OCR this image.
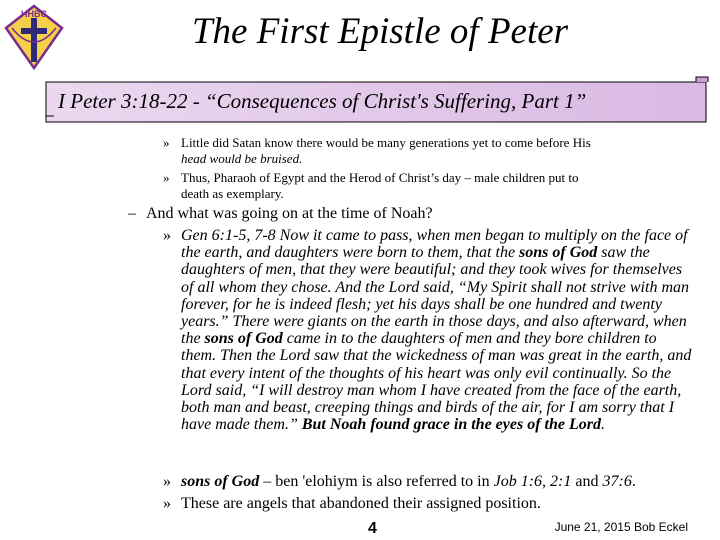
HHBC	The First Epistle of Peter
I Peter 3:18-22 - “Consequences of Christ's Suffering, Part 1”
» Little did Satan know there would be many generations yet to come before His
head would be bruised.
» Thus, Pharaoh of Egypt and the Herod of Christ’s day – male children put to
death as exemplary.
– And what was going on at the time of Noah?
» Gen 6:1-5, 7-8 Now it came to pass, when men began to multiply on the face of the earth, and daughters were born to them, that the sons of God saw the daughters of men, that they were beautiful; and they took wives for themselves of all whom they chose. And the Lord said, “My Spirit shall not strive with man forever, for he is indeed flesh; yet his days shall be one hundred and twenty years.” There were giants on the earth in those days, and also afterward, when the sons of God came in to the daughters of men and they bore children to them. Then the Lord saw that the wickedness of man was great in the earth, and that every intent of the thoughts of his heart was only evil continually. So the Lord said, “I will destroy man whom I have created from the face of the earth, both man and beast, creeping things and birds of the air, for I am sorry that I have made them.” But Noah found grace in the eyes of the Lord.
» sons of God – ben 'elohiym is also referred to in Job 1:6, 2:1 and 37:6.
» These are angels that abandoned their assigned position.
4	June 21, 2015 Bob Eckel
